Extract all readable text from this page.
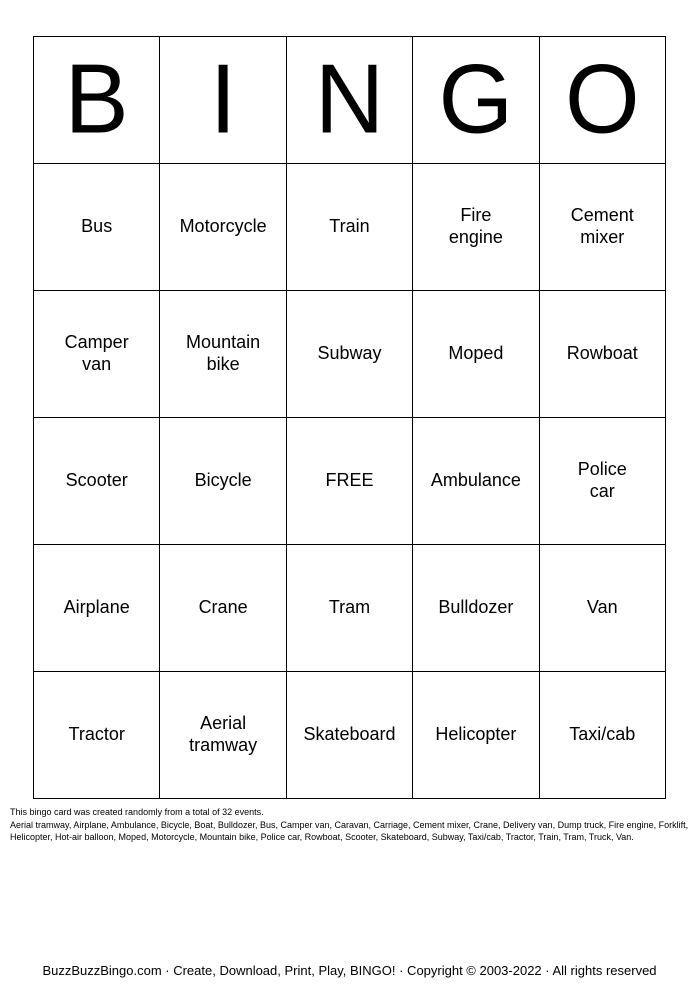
B	I	N	G	O
Bus	Motorcycle	Train	Fire engine	Cement mixer
Camper van	Mountain bike	Subway	Moped	Rowboat
Scooter	Bicycle	FREE	Ambulance	Police car
Airplane	Crane	Tram	Bulldozer	Van
Tractor	Aerial tramway	Skateboard	Helicopter	Taxi/cab

This bingo card was created randomly from a total of 32 events.

Aerial tramway, Airplane, Ambulance, Bicycle, Boat, Bulldozer, Bus, Camper van, Caravan, Carriage, Cement mixer, Crane, Delivery van, Dump truck, Fire engine, Forklift, Helicopter, Hot-air balloon, Moped, Motorcycle, Mountain bike, Police car, Rowboat, Scooter, Skateboard, Subway, Taxi/cab, Tractor, Train, Tram, Truck, Van.

BuzzBuzzBingo.com · Create, Download, Print, Play, BINGO! · Copyright © 2003-2022 · All rights reserved
